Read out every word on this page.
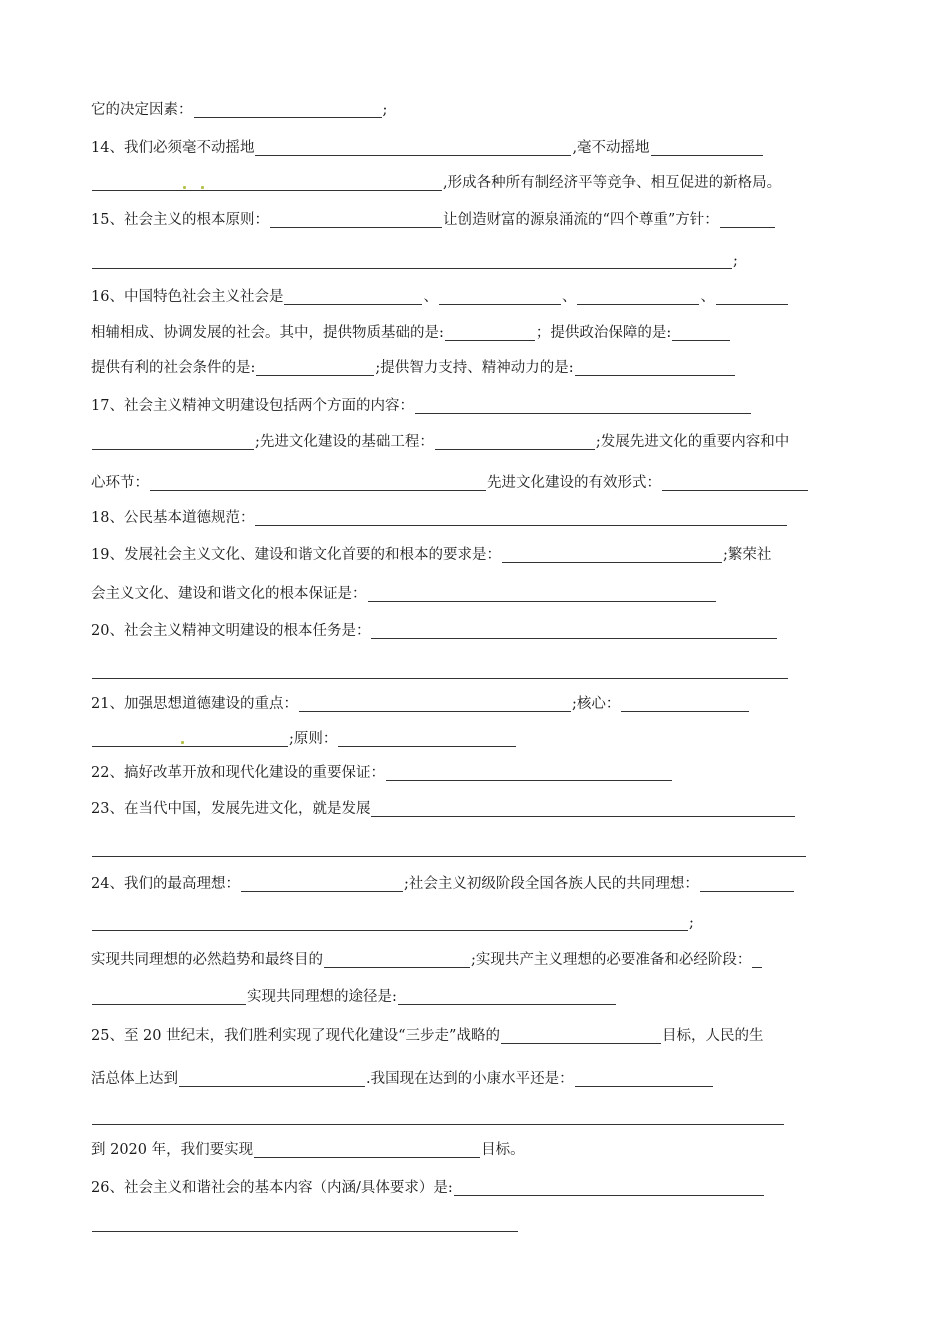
它的决定因素：	;
14、我们必须毫不动摇地	,毫不动摇地
,形成各种所有制经济平等竞争、相互促进的新格局。
15、社会主义的根本原则：	让创造财富的源泉涌流的“四个尊重”方针：
;
16、中国特色社会主义社会是	、	、	、
相辅相成、协调发展的社会。其中，提供物质基础的是:	；提供政治保障的是:
提供有利的社会条件的是:	;提供智力支持、精神动力的是:
17、社会主义精神文明建设包括两个方面的内容：
;先进文化建设的基础工程：	;发展先进文化的重要内容和中
心环节：	先进文化建设的有效形式：
18、公民基本道德规范：
19、发展社会主义文化、建设和谐文化首要的和根本的要求是：	;繁荣社
会主义文化、建设和谐文化的根本保证是：
20、社会主义精神文明建设的根本任务是：
21、加强思想道德建设的重点：	;核心：
;原则：
22、搞好改革开放和现代化建设的重要保证：
23、在当代中国，发展先进文化，就是发展
24、我们的最高理想：	;社会主义初级阶段全国各族人民的共同理想：
;
实现共同理想的必然趋势和最终目的	;实现共产主义理想的必要准备和必经阶段：
实现共同理想的途径是:
25、至 20 世纪末，我们胜利实现了现代化建设“三步走”战略的	目标，人民的生
活总体上达到	.我国现在达到的小康水平还是：
到 2020 年，我们要实现	目标。
26、社会主义和谐社会的基本内容（内涵/具体要求）是:
